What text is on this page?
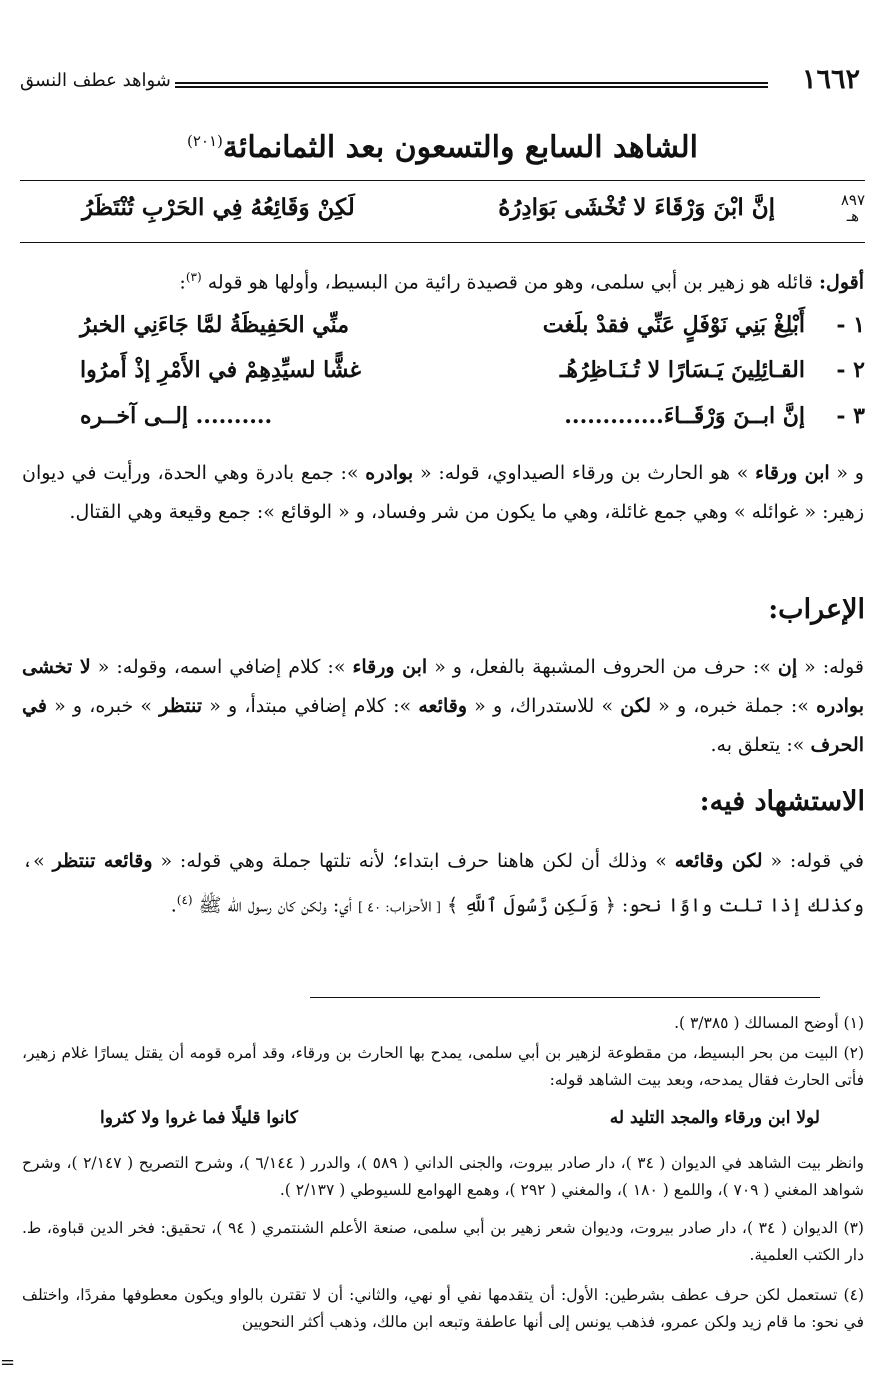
١٦٦٢
شواهد عطف النسق
الشاهد السابع والتسعون بعد الثمانمائة$^{(٢٠١)}$
٨٩٧
هـ
إنَّ ابْنَ وَرْقَاءَ لا تُخْشَى بَوَادِرُهُ
لَكِنْ وَقَائِعُهُ فِي الحَرْبِ تُنْتَظَرُ
أقول: قائله هو زهير بن أبي سلمى، وهو من قصيدة رائية من البسيط، وأولها هو قوله $^{(٣)}$:
١ -
أَبْلِغْ بَنِي نَوْفَلٍ عَنِّي فقدْ بلَغت
منِّي الحَفِيظَةُ لمَّا جَاءَنِي الخبرُ
٢ -
القـائِلِينَ يَـسَارًا لا تُـنَـاظِرُهُـ
غشًّا لسيِّدِهِمْ في الأَمْرِ إذْ أَمرُوا
٣ -
إنَّ ابــنَ وَرْقَــاءَ.............
.......... إلــى آخــره
و « ابن ورقاء » هو الحارث بن ورقاء الصيداوي، قوله: « بوادره »: جمع بادرة وهي الحدة، ورأيت في ديوان زهير: « غوائله » وهي جمع غائلة، وهي ما يكون من شر وفساد، و « الوقائع »: جمع وقيعة وهي القتال.
الإعراب:
قوله: « إن »: حرف من الحروف المشبهة بالفعل، و « ابن ورقاء »: كلام إضافي اسمه، وقوله: « لا تخشى بوادره »: جملة خبره، و « لكن » للاستدراك، و « وقائعه »: كلام إضافي مبتدأ، و « تنتظر » خبره، و « في الحرف »: يتعلق به.
الاستشهاد فيه:
في قوله: « لكن وقائعه » وذلك أن لكن هاهنا حرف ابتداء؛ لأنه تلتها جملة وهي قوله: « وقائعه تنتظر »، وكذلك إذا تلت واوًا نحو: ﴿ وَلَكِن رَّسُولَ ٱللَّهِ ﴾ [ الأحزاب: ٤٠ ] أي: ولكن كان رسول الله ﷺ $^{(٤)}$.
(١) أوضح المسالك ( ٣/٣٨٥ ).
(٢) البيت من بحر البسيط، من مقطوعة لزهير بن أبي سلمى، يمدح بها الحارث بن ورقاء، وقد أمره قومه أن يقتل يسارًا غلام زهير، فأتى الحارث فقال يمدحه، وبعد بيت الشاهد قوله:
لولا ابن ورقاء والمجد التليد له
كانوا قليلًا فما غروا ولا كثروا
وانظر بيت الشاهد في الديوان ( ٣٤ )، دار صادر بيروت، والجنى الداني ( ٥٨٩ )، والدرر ( ٦/١٤٤ )، وشرح التصريح ( ٢/١٤٧ )، وشرح شواهد المغني ( ٧٠٩ )، واللمع ( ١٨٠ )، والمغني ( ٢٩٢ )، وهمع الهوامع للسيوطي ( ٢/١٣٧ ).
(٣) الديوان ( ٣٤ )، دار صادر بيروت، وديوان شعر زهير بن أبي سلمى، صنعة الأعلم الشنتمري ( ٩٤ )، تحقيق: فخر الدين قباوة، ط. دار الكتب العلمية.
(٤) تستعمل لكن حرف عطف بشرطين: الأول: أن يتقدمها نفي أو نهي، والثاني: أن لا تقترن بالواو ويكون معطوفها مفردًا، واختلف في نحو: ما قام زيد ولكن عمرو، فذهب يونس إلى أنها عاطفة وتبعه ابن مالك، وذهب أكثر النحويين
=
